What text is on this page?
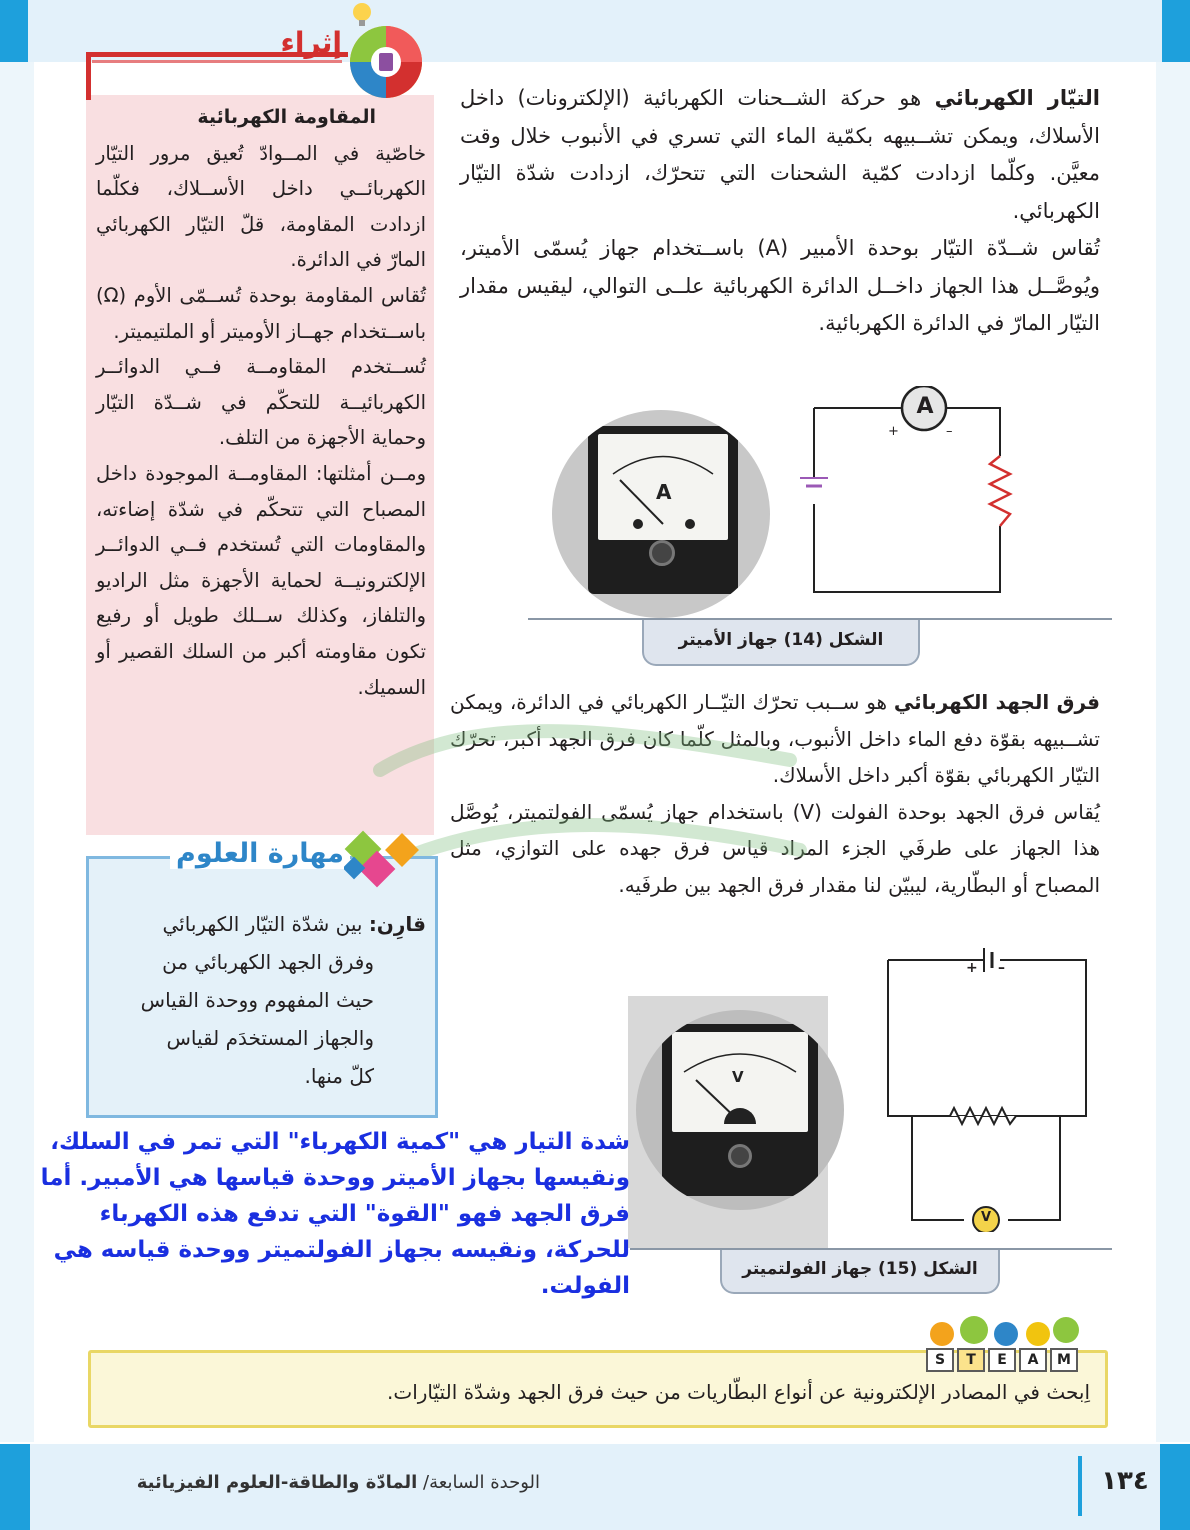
إثراء
المقاومة الكهربائية
خاصّية في المــوادّ تُعيق مرور التيّار الكهربائــي داخل الأســلاك، فكلّما ازدادت المقاومة، قلّ التيّار الكهربائي المارّ في الدائرة.
تُقاس المقاومة بوحدة تُســمّى الأوم (Ω) باســتخدام جهــاز الأوميتر أو الملتيميتر.
تُســتخدم المقاومــة فــي الدوائــر الكهربائيــة للتحكّم في شــدّة التيّار وحماية الأجهزة من التلف.
ومــن أمثلتها: المقاومــة الموجودة داخل المصباح التي تتحكّم في شدّة إضاءته، والمقاومات التي تُستخدم فــي الدوائــر الإلكترونيــة لحماية الأجهزة مثل الراديو والتلفاز، وكذلك ســلك طويل أو رفيع تكون مقاومته أكبر من السلك القصير أو السميك.
التيّار الكهربائي هو حركة الشــحنات الكهربائية (الإلكترونات) داخل الأسلاك، ويمكن تشــبيهه بكمّية الماء التي تسري في الأنبوب خلال وقت معيَّن. وكلّما ازدادت كمّية الشحنات التي تتحرّك، ازدادت شدّة التيّار الكهربائي.
تُقاس شــدّة التيّار بوحدة الأمبير (A) باســتخدام جهاز يُسمّى الأميتر، ويُوصَّــل هذا الجهاز داخــل الدائرة الكهربائية علــى التوالي، ليقيس مقدار التيّار المارّ في الدائرة الكهربائية.
A
A
+	–
الشكل (14) جهاز الأميتر
فرق الجهد الكهربائي هو ســبب تحرّك التيّــار الكهربائي في الدائرة، ويمكن تشــبيهه بقوّة دفع الماء داخل الأنبوب، وبالمثل كلّما كان فرق الجهد أكبر، تحرّك التيّار الكهربائي بقوّة أكبر داخل الأسلاك.
يُقاس فرق الجهد بوحدة الفولت (V) باستخدام جهاز يُسمّى الفولتميتر، يُوصَّل هذا الجهاز على طرفَي الجزء المراد قياس فرق جهده على التوازي، مثل المصباح أو البطّارية، ليبيّن لنا مقدار فرق الجهد بين طرفَيه.
V
V
+ –
الشكل (15) جهاز الفولتميتر
مهارة العلوم
قارِن: بين شدّة التيّار الكهربائي
وفرق الجهد الكهربائي من
حيث المفهوم ووحدة القياس
والجهاز المستخدَم لقياس
كلّ منها.
شدة التيار هي "كمية الكهرباء" التي تمر في السلك، ونقيسها بجهاز الأميتر ووحدة قياسها هي الأمبير. أما فرق الجهد فهو "القوة" التي تدفع هذه الكهرباء للحركة، ونقيسه بجهاز الفولتميتر ووحدة قياسه هي الفولت.
S	T	E	A	M
اِبحث في المصادر الإلكترونية عن أنواع البطّاريات من حيث فرق الجهد وشدّة التيّارات.
الوحدة السابعة/ المادّة والطاقة-العلوم الفيزيائية	١٣٤
